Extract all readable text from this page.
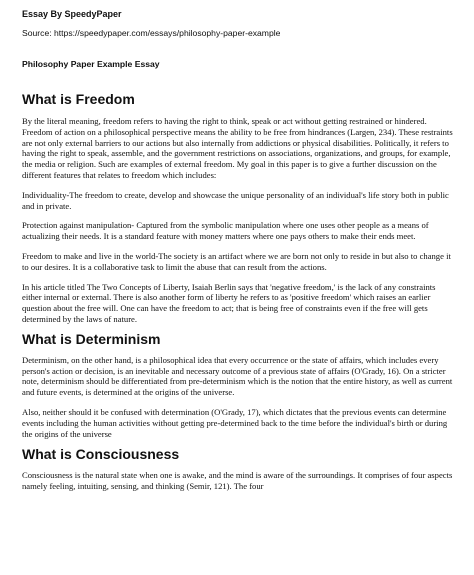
Essay By SpeedyPaper
Source: https://speedypaper.com/essays/philosophy-paper-example
Philosophy Paper Example Essay
What is Freedom

By the literal meaning, freedom refers to having the right to think, speak or act without getting restrained or hindered. Freedom of action on a philosophical perspective means the ability to be free from hindrances (Largen, 234). These restraints are not only external barriers to our actions but also internally from addictions or physical disabilities. Politically, it refers to having the right to speak, assemble, and the government restrictions on associations, organizations, and groups, for example, the media or religion. Such are examples of external freedom. My goal in this paper is to give a further discussion on the different features that relates to freedom which includes:

Individuality-The freedom to create, develop and showcase the unique personality of an individual's life story both in public and in private.

Protection against manipulation- Captured from the symbolic manipulation where one uses other people as a means of actualizing their needs. It is a standard feature with money matters where one pays others to make their ends meet.

Freedom to make and live in the world-The society is an artifact where we are born not only to reside in but also to change it to our desires. It is a collaborative task to limit the abuse that can result from the actions.

In his article titled The Two Concepts of Liberty, Isaiah Berlin says that 'negative freedom,' is the lack of any constraints either internal or external. There is also another form of liberty he refers to as 'positive freedom' which raises an earlier question about the free will. One can have the freedom to act; that is being free of constraints even if the free will gets determined by the laws of nature.

What is Determinism

Determinism, on the other hand, is a philosophical idea that every occurrence or the state of affairs, which includes every person's action or decision, is an inevitable and necessary outcome of a previous state of affairs (O'Grady, 16). On a stricter note, determinism should be differentiated from pre-determinism which is the notion that the entire history, as well as current and future events, is determined at the origins of the universe.

Also, neither should it be confused with determination (O'Grady, 17), which dictates that the previous events can determine events including the human activities without getting pre-determined back to the time before the individual's birth or during the origins of the universe

What is Consciousness

Consciousness is the natural state when one is awake, and the mind is aware of the surroundings. It comprises of four aspects namely feeling, intuiting, sensing, and thinking (Semir, 121). The four
